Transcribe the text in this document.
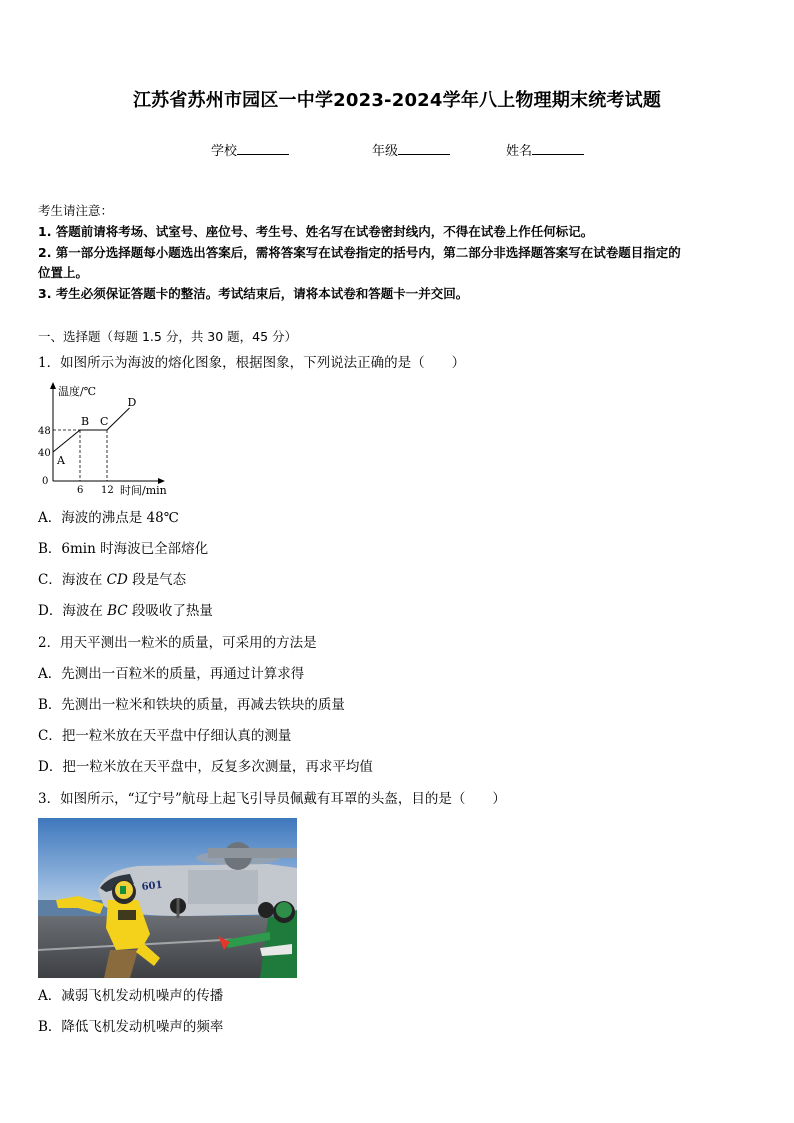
江苏省苏州市园区一中学2023-2024学年八上物理期末统考试题
学校	年级	姓名
考生请注意：
1. 答题前请将考场、试室号、座位号、考生号、姓名写在试卷密封线内，不得在试卷上作任何标记。
2. 第一部分选择题每小题选出答案后，需将答案写在试卷指定的括号内，第二部分非选择题答案写在试卷题目指定的
位置上。
3. 考生必须保证答题卡的整洁。考试结束后，请将本试卷和答题卡一并交回。
一、选择题（每题 1.5 分，共 30 题，45 分）
1．如图所示为海波的熔化图象，根据图象，下列说法正确的是（　　）
温度/℃
时间/min
0
6 12
40
48
A
B C
D
A．海波的沸点是 48℃
B．6min 时海波已全部熔化
C．海波在 CD 段是气态
D．海波在 BC 段吸收了热量
2．用天平测出一粒米的质量，可采用的方法是
A．先测出一百粒米的质量，再通过计算求得
B．先测出一粒米和铁块的质量，再减去铁块的质量
C．把一粒米放在天平盘中仔细认真的测量
D．把一粒米放在天平盘中，反复多次测量，再求平均值
3．如图所示，“辽宁号”航母上起飞引导员佩戴有耳罩的头盔，目的是（　　）
601
A．减弱飞机发动机噪声的传播
B．降低飞机发动机噪声的频率
